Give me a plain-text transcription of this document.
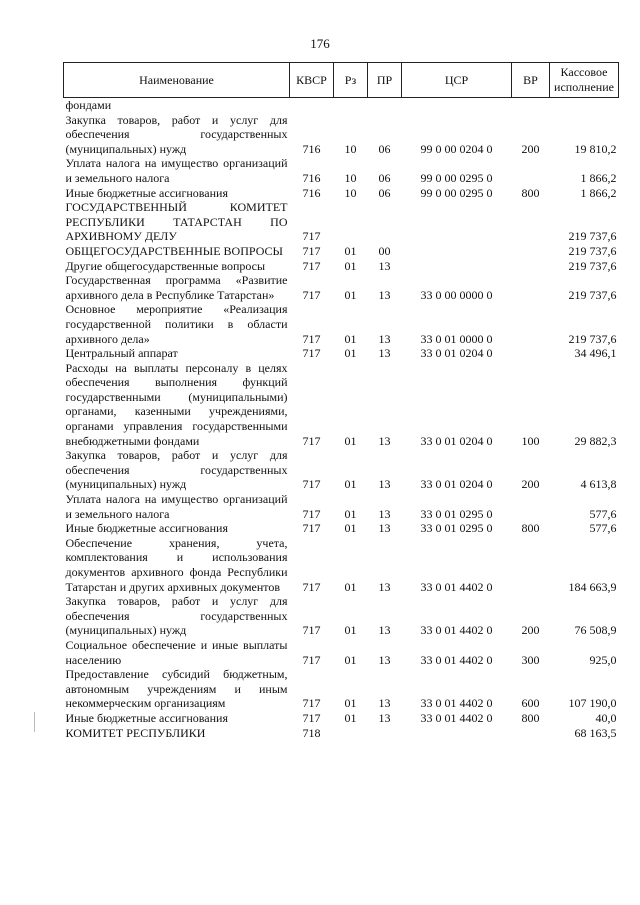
176
Наименование	КВСР	Рз	ПР	ЦСР	ВР	Кассовое исполнение
фондами						
Закупка товаров, работ и услуг для обеспечения государственных (муниципальных) нужд	716	10	06	99 0 00 0204 0	200	19 810,2
Уплата налога на имущество организаций и земельного налога	716	10	06	99 0 00 0295 0		1 866,2
Иные бюджетные ассигнования	716	10	06	99 0 00 0295 0	800	1 866,2
ГОСУДАРСТВЕННЫЙ КОМИТЕТ РЕСПУБЛИКИ ТАТАРСТАН ПО АРХИВНОМУ ДЕЛУ	717					219 737,6
ОБЩЕГОСУДАРСТВЕННЫЕ ВОПРОСЫ	717	01	00			219 737,6
Другие общегосударственные вопросы	717	01	13			219 737,6
Государственная программа «Развитие архивного дела в Республике Татарстан»	717	01	13	33 0 00 0000 0		219 737,6
Основное мероприятие «Реализация государственной политики в области архивного дела»	717	01	13	33 0 01 0000 0		219 737,6
Центральный аппарат	717	01	13	33 0 01 0204 0		34 496,1
Расходы на выплаты персоналу в целях обеспечения выполнения функций государственными (муниципальными) органами, казенными учреждениями, органами управления государственными внебюджетными фондами	717	01	13	33 0 01 0204 0	100	29 882,3
Закупка товаров, работ и услуг для обеспечения государственных (муниципальных) нужд	717	01	13	33 0 01 0204 0	200	4 613,8
Уплата налога на имущество организаций и земельного налога	717	01	13	33 0 01 0295 0		577,6
Иные бюджетные ассигнования	717	01	13	33 0 01 0295 0	800	577,6
Обеспечение хранения, учета, комплектования и использования документов архивного фонда Республики Татарстан и других архивных документов	717	01	13	33 0 01 4402 0		184 663,9
Закупка товаров, работ и услуг для обеспечения государственных (муниципальных) нужд	717	01	13	33 0 01 4402 0	200	76 508,9
Социальное обеспечение и иные выплаты населению	717	01	13	33 0 01 4402 0	300	925,0
Предоставление субсидий бюджетным, автономным учреждениям и иным некоммерческим организациям	717	01	13	33 0 01 4402 0	600	107 190,0
Иные бюджетные ассигнования	717	01	13	33 0 01 4402 0	800	40,0
КОМИТЕТ РЕСПУБЛИКИ	718					68 163,5
